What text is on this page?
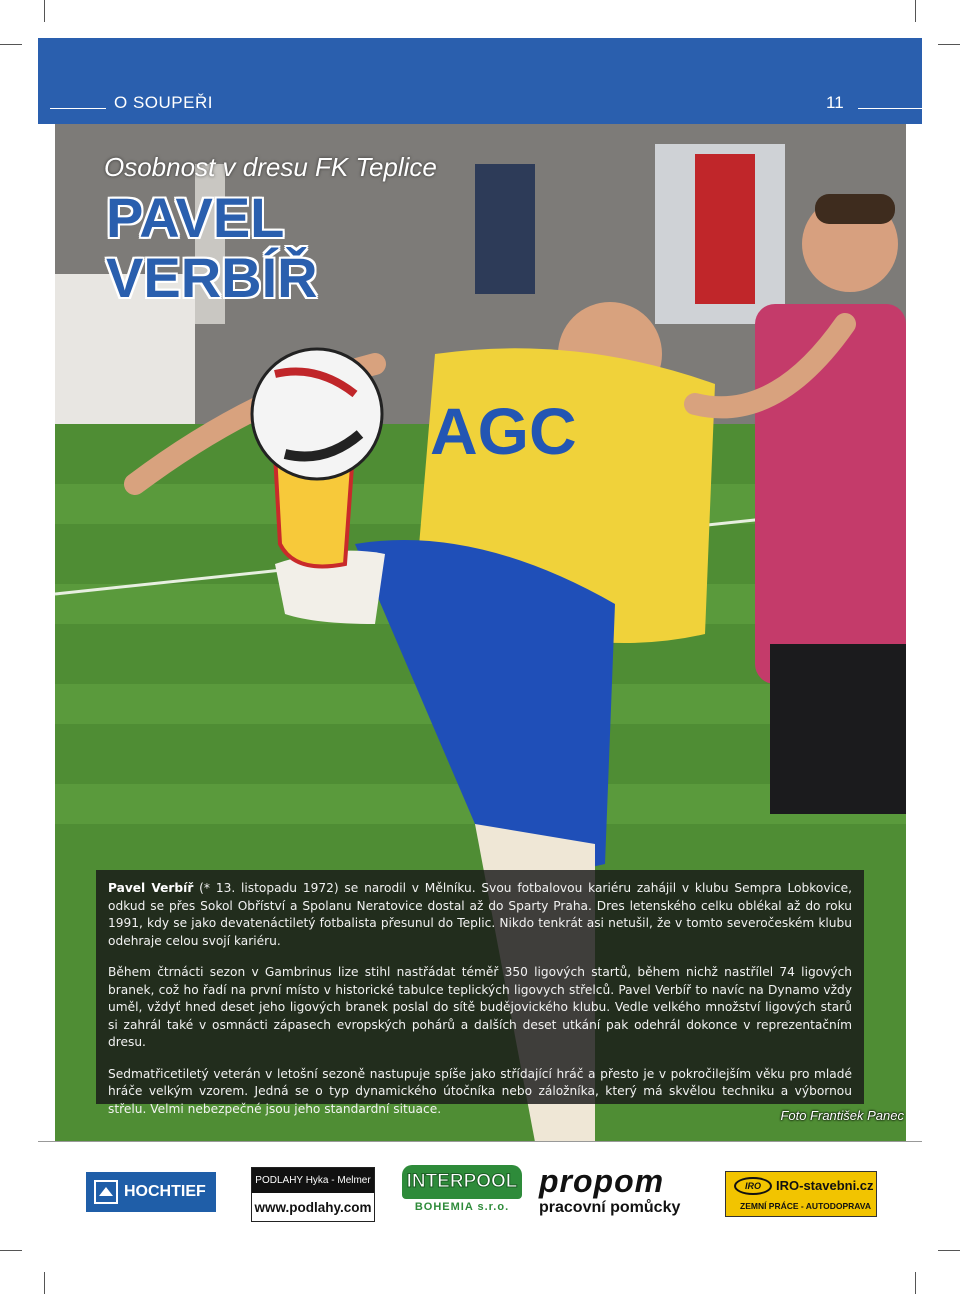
O SOUPEŘI	11
AGC
Osobnost v dresu FK Teplice
PAVEL
VERBÍŘ

Pavel Verbíř (* 13. listopadu 1972) se narodil v Mělníku. Svou fotbalovou kariéru zahájil v klubu Sempra Lobkovice, odkud se přes Sokol Obříství a Spolanu Neratovice dostal až do Sparty Praha. Dres letenského celku oblékal až do roku 1991, kdy se jako devatenáctiletý fotbalista přesunul do Teplic. Nikdo tenkrát asi netušil, že v tomto severočeském klubu odehraje celou svojí kariéru.

Během čtrnácti sezon v Gambrinus lize stihl nastřádat téměř 350 ligových startů, během nichž nastřílel 74 ligových branek, což ho řadí na první místo v historické tabulce teplických ligovych střelců. Pavel Verbíř to navíc na Dynamo vždy uměl, vždyť hned deset jeho ligových branek poslal do sítě budějovického klubu. Vedle velkého množství ligových starů si zahrál také v osmnácti zápasech evropských pohárů a dalších deset utkání pak odehrál dokonce v reprezentačním dresu.

Sedmatřicetiletý veterán v letošní sezoně nastupuje spíše jako střídající hráč a přesto je v pokročilejším věku pro mladé hráče velkým vzorem. Jedná se o typ dynamického útočníka nebo záložníka, který má skvělou techniku a výbornou střelu. Velmi nebezpečné jsou jeho standardní situace.	Foto František Panec
HOCHTIEF
PODLAHY Hyka - Melmer
www.podlahy.com
INTERPOOL
BOHEMIA s.r.o.
propom
pracovní pomůcky
IRO	IRO-stavebni.cz
ZEMNÍ PRÁCE - AUTODOPRAVA
